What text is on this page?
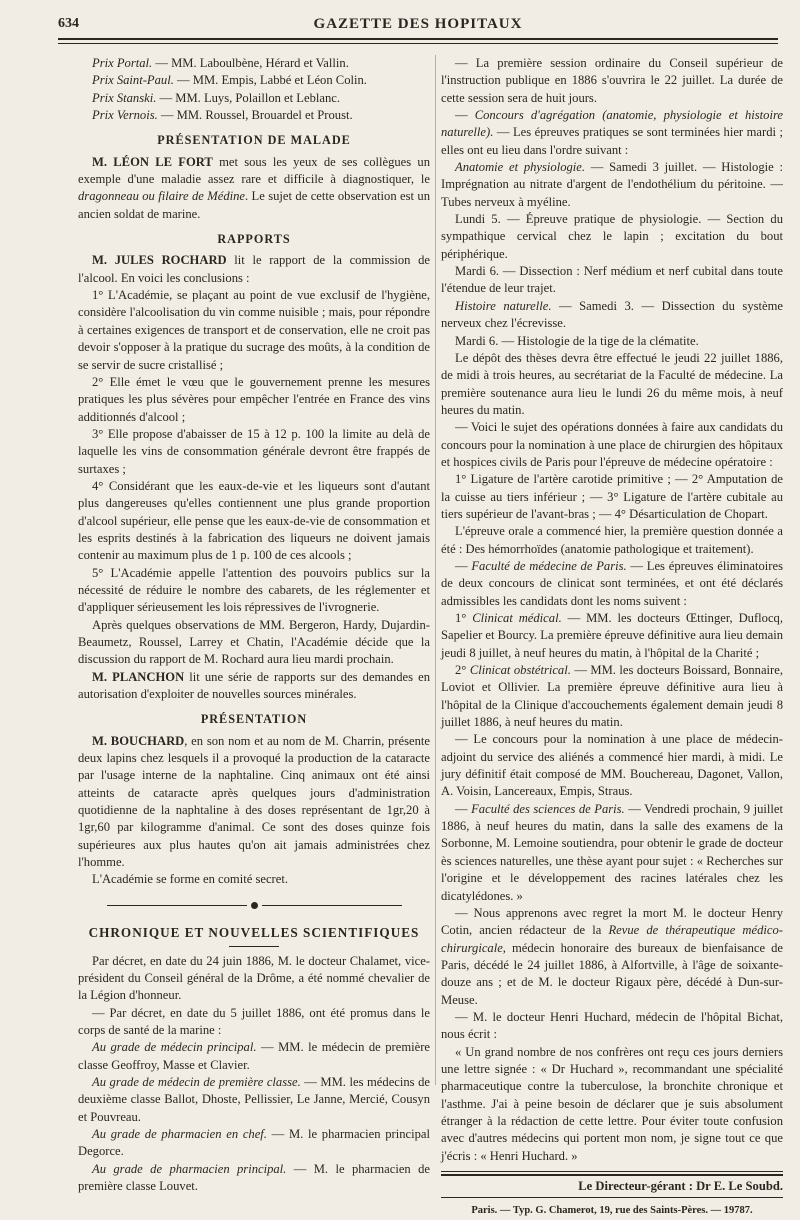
634	GAZETTE DES HOPITAUX

Prix Portal. — MM. Laboulbène, Hérard et Vallin.

Prix Saint-Paul. — MM. Empis, Labbé et Léon Colin.

Prix Stanski. — MM. Luys, Polaillon et Leblanc.

Prix Vernois. — MM. Roussel, Brouardel et Proust.

PRÉSENTATION DE MALADE

M. LÉON LE FORT met sous les yeux de ses collègues un exemple d'une maladie assez rare et difficile à diagnostiquer, le dragonneau ou filaire de Médine. Le sujet de cette observation est un ancien soldat de marine.

RAPPORTS

M. JULES ROCHARD lit le rapport de la commission de l'alcool. En voici les conclusions :

1° L'Académie, se plaçant au point de vue exclusif de l'hygiène, considère l'alcoolisation du vin comme nuisible ; mais, pour répondre à certaines exigences de transport et de conservation, elle ne croit pas devoir s'opposer à la pratique du sucrage des moûts, à la condition de se servir de sucre cristallisé ;

2° Elle émet le vœu que le gouvernement prenne les mesures pratiques les plus sévères pour empêcher l'entrée en France des vins additionnés d'alcool ;

3° Elle propose d'abaisser de 15 à 12 p. 100 la limite au delà de laquelle les vins de consommation générale devront être frappés de surtaxes ;

4° Considérant que les eaux-de-vie et les liqueurs sont d'autant plus dangereuses qu'elles contiennent une plus grande proportion d'alcool supérieur, elle pense que les eaux-de-vie de consommation et les esprits destinés à la fabrication des liqueurs ne doivent jamais contenir au maximum plus de 1 p. 100 de ces alcools ;

5° L'Académie appelle l'attention des pouvoirs publics sur la nécessité de réduire le nombre des cabarets, de les réglementer et d'appliquer sérieusement les lois répressives de l'ivrognerie.

Après quelques observations de MM. Bergeron, Hardy, Dujardin-Beaumetz, Roussel, Larrey et Chatin, l'Académie décide que la discussion du rapport de M. Rochard aura lieu mardi prochain.

M. PLANCHON lit une série de rapports sur des demandes en autorisation d'exploiter de nouvelles sources minérales.

PRÉSENTATION

M. BOUCHARD, en son nom et au nom de M. Charrin, présente deux lapins chez lesquels il a provoqué la production de la cataracte par l'usage interne de la naphtaline. Cinq animaux ont été ainsi atteints de cataracte après quelques jours d'administration quotidienne de la naphtaline à des doses représentant de 1gr,20 à 1gr,60 par kilogramme d'animal. Ce sont des doses quinze fois supérieures aux plus hautes qu'on ait jamais administrées chez l'homme.

L'Académie se forme en comité secret.

CHRONIQUE ET NOUVELLES SCIENTIFIQUES

Par décret, en date du 24 juin 1886, M. le docteur Chalamet, vice-président du Conseil général de la Drôme, a été nommé chevalier de la Légion d'honneur.

— Par décret, en date du 5 juillet 1886, ont été promus dans le corps de santé de la marine :

Au grade de médecin principal. — MM. le médecin de première classe Geoffroy, Masse et Clavier.

Au grade de médecin de première classe. — MM. les médecins de deuxième classe Ballot, Dhoste, Pellissier, Le Janne, Mercié, Cousyn et Pouvreau.

Au grade de pharmacien en chef. — M. le pharmacien principal Degorce.

Au grade de pharmacien principal. — M. le pharmacien de première classe Louvet.

— La première session ordinaire du Conseil supérieur de l'instruction publique en 1886 s'ouvrira le 22 juillet. La durée de cette session sera de huit jours.

— Concours d'agrégation (anatomie, physiologie et histoire naturelle). — Les épreuves pratiques se sont terminées hier mardi ; elles ont eu lieu dans l'ordre suivant :

Anatomie et physiologie. — Samedi 3 juillet. — Histologie : Imprégnation au nitrate d'argent de l'endothélium du péritoine. — Tubes nerveux à myéline.

Lundi 5. — Épreuve pratique de physiologie. — Section du sympathique cervical chez le lapin ; excitation du bout périphérique.

Mardi 6. — Dissection : Nerf médium et nerf cubital dans toute l'étendue de leur trajet.

Histoire naturelle. — Samedi 3. — Dissection du système nerveux chez l'écrevisse.

Mardi 6. — Histologie de la tige de la clématite.

Le dépôt des thèses devra être effectué le jeudi 22 juillet 1886, de midi à trois heures, au secrétariat de la Faculté de médecine. La première soutenance aura lieu le lundi 26 du même mois, à neuf heures du matin.

— Voici le sujet des opérations données à faire aux candidats du concours pour la nomination à une place de chirurgien des hôpitaux et hospices civils de Paris pour l'épreuve de médecine opératoire :

1° Ligature de l'artère carotide primitive ; — 2° Amputation de la cuisse au tiers inférieur ; — 3° Ligature de l'artère cubitale au tiers supérieur de l'avant-bras ; — 4° Désarticulation de Chopart.

L'épreuve orale a commencé hier, la première question donnée a été : Des hémorrhoïdes (anatomie pathologique et traitement).

— Faculté de médecine de Paris. — Les épreuves éliminatoires de deux concours de clinicat sont terminées, et ont été déclarés admissibles les candidats dont les noms suivent :

1° Clinicat médical. — MM. les docteurs Œttinger, Duflocq, Sapelier et Bourcy. La première épreuve définitive aura lieu demain jeudi 8 juillet, à neuf heures du matin, à l'hôpital de la Charité ;

2° Clinicat obstétrical. — MM. les docteurs Boissard, Bonnaire, Loviot et Ollivier. La première épreuve définitive aura lieu à l'hôpital de la Clinique d'accouchements également demain jeudi 8 juillet 1886, à neuf heures du matin.

— Le concours pour la nomination à une place de médecin-adjoint du service des aliénés a commencé hier mardi, à midi. Le jury définitif était composé de MM. Bouchereau, Dagonet, Vallon, A. Voisin, Lancereaux, Empis, Straus.

— Faculté des sciences de Paris. — Vendredi prochain, 9 juillet 1886, à neuf heures du matin, dans la salle des examens de la Sorbonne, M. Lemoine soutiendra, pour obtenir le grade de docteur ès sciences naturelles, une thèse ayant pour sujet : « Recherches sur l'origine et le développement des racines latérales chez les dicatylédones. »

— Nous apprenons avec regret la mort M. le docteur Henry Cotin, ancien rédacteur de la Revue de thérapeutique médico-chirurgicale, médecin honoraire des bureaux de bienfaisance de Paris, décédé le 24 juillet 1886, à Alfortville, à l'âge de soixante-douze ans ; et de M. le docteur Rigaux père, décédé à Dun-sur-Meuse.

— M. le docteur Henri Huchard, médecin de l'hôpital Bichat, nous écrit :

« Un grand nombre de nos confrères ont reçu ces jours derniers une lettre signée : « Dr Huchard », recommandant une spécialité pharmaceutique contre la tuberculose, la bronchite chronique et l'asthme. J'ai à peine besoin de déclarer que je suis absolument étranger à la rédaction de cette lettre. Pour éviter toute confusion avec d'autres médecins qui portent mon nom, je signe tout ce que j'écris : « Henri Huchard. »

Le Directeur-gérant : Dr E. Le Soubd.
Paris. — Typ. G. Chamerot, 19, rue des Saints-Pères. — 19787.
